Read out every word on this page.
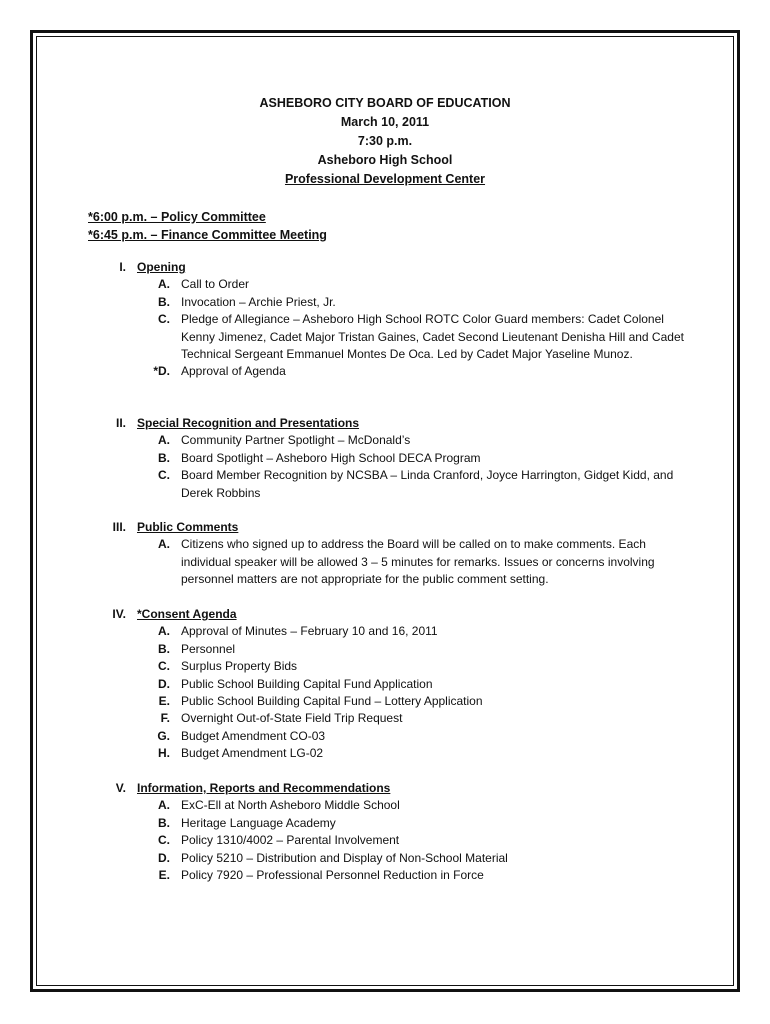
ASHEBORO CITY BOARD OF EDUCATION
March 10, 2011
7:30 p.m.
Asheboro High School
Professional Development Center
*6:00 p.m. – Policy Committee
*6:45 p.m. – Finance Committee Meeting
I. Opening
A. Call to Order
B. Invocation – Archie Priest, Jr.
C. Pledge of Allegiance – Asheboro High School ROTC Color Guard members: Cadet Colonel Kenny Jimenez, Cadet Major Tristan Gaines, Cadet Second Lieutenant Denisha Hill and Cadet Technical Sergeant Emmanuel Montes De Oca. Led by Cadet Major Yaseline Munoz.
*D. Approval of Agenda
II. Special Recognition and Presentations
A. Community Partner Spotlight – McDonald’s
B. Board Spotlight – Asheboro High School DECA Program
C. Board Member Recognition by NCSBA – Linda Cranford, Joyce Harrington, Gidget Kidd, and Derek Robbins
III. Public Comments
A. Citizens who signed up to address the Board will be called on to make comments. Each individual speaker will be allowed 3 – 5 minutes for remarks. Issues or concerns involving personnel matters are not appropriate for the public comment setting.
IV. *Consent Agenda
A. Approval of Minutes – February 10 and 16, 2011
B. Personnel
C. Surplus Property Bids
D. Public School Building Capital Fund Application
E. Public School Building Capital Fund – Lottery Application
F. Overnight Out-of-State Field Trip Request
G. Budget Amendment CO-03
H. Budget Amendment LG-02
V. Information, Reports and Recommendations
A. ExC-Ell at North Asheboro Middle School
B. Heritage Language Academy
C. Policy 1310/4002 – Parental Involvement
D. Policy 5210 – Distribution and Display of Non-School Material
E. Policy 7920 – Professional Personnel Reduction in Force
